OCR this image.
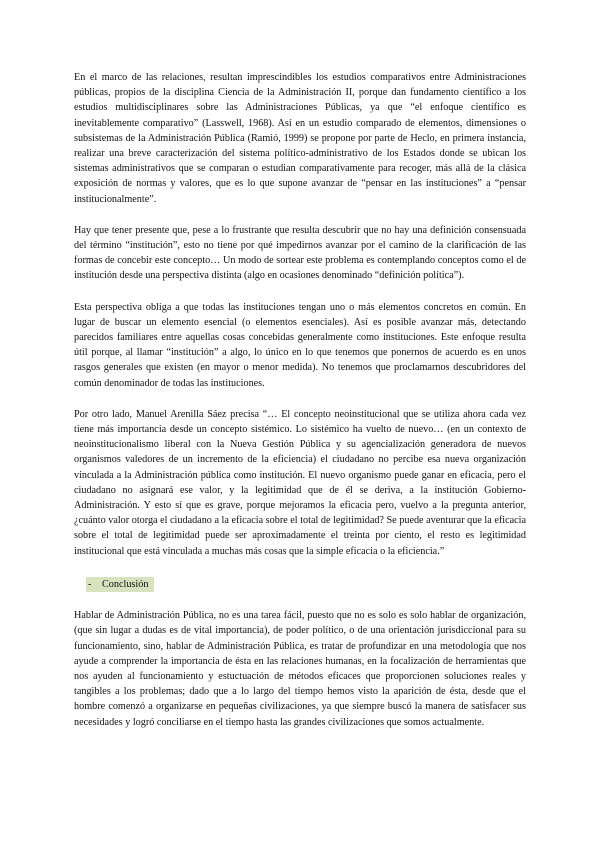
En el marco de las relaciones, resultan imprescindibles los estudios comparativos entre Administraciones públicas, propios de la disciplina Ciencia de la Administración II, porque dan fundamento científico a los estudios multidisciplinares sobre las Administraciones Públicas, ya que “el enfoque científico es inevitablemente comparativo” (Lasswell, 1968). Así en un estudio comparado de elementos, dimensiones o subsistemas de la Administración Pública (Ramió, 1999) se propone por parte de Heclo, en primera instancia, realizar una breve caracterización del sistema político-administrativo de los Estados donde se ubican los sistemas administrativos que se comparan o estudian comparativamente para recoger, más allá de la clásica exposición de normas y valores, que es lo que supone avanzar de “pensar en las instituciones” a “pensar institucionalmente”.

Hay que tener presente que, pese a lo frustrante que resulta descubrir que no hay una definición consensuada del término “institución”, esto no tiene por qué impedirnos avanzar por el camino de la clarificación de las formas de concebir este concepto… Un modo de sortear este problema es contemplando conceptos como el de institución desde una perspectiva distinta (algo en ocasiones denominado “definición política”).

Esta perspectiva obliga a que todas las instituciones tengan uno o más elementos concretos en común. En lugar de buscar un elemento esencial (o elementos esenciales). Así es posible avanzar más, detectando parecidos familiares entre aquellas cosas concebidas generalmente como instituciones. Este enfoque resulta útil porque, al llamar “institución” a algo, lo único en lo que tenemos que ponernos de acuerdo es en unos rasgos generales que existen (en mayor o menor medida). No tenemos que proclamarnos descubridores del común denominador de todas las instituciones.

Por otro lado, Manuel Arenilla Sáez precisa “… El concepto neoinstitucional que se utiliza ahora cada vez tiene más importancia desde un concepto sistémico. Lo sistémico ha vuelto de nuevo… (en un contexto de neoinstitucionalismo liberal con la Nueva Gestión Pública y su agencialización generadora de nuevos organismos valedores de un incremento de la eficiencia) el ciudadano no percibe esa nueva organización vinculada a la Administración pública como institución. El nuevo organismo puede ganar en eficacia, pero el ciudadano no asignará ese valor, y la legitimidad que de él se deriva, a la institución Gobierno-Administración. Y esto sí que es grave, porque mejoramos la eficacia pero, vuelvo a la pregunta anterior, ¿cuánto valor otorga el ciudadano a la eficacia sobre el total de legitimidad? Se puede aventurar que la eficacia sobre el total de legitimidad puede ser aproximadamente el treinta por ciento, el resto es legitimidad institucional que está vinculada a muchas más cosas que la simple eficacia o la eficiencia.”

- Conclusión

Hablar de Administración Pública, no es una tarea fácil, puesto que no es solo es solo hablar de organización, (que sin lugar a dudas es de vital importancia), de poder político, o de una orientación jurisdiccional para su funcionamiento, sino, hablar de Administración Pública, es tratar de profundizar en una metodología que nos ayude a comprender la importancia de ésta en las relaciones humanas, en la focalización de herramientas que nos ayuden al funcionamiento y estuctuación de métodos eficaces que proporcionen soluciones reales y tangibles a los problemas; dado que a lo largo del tiempo hemos visto la aparición de ésta, desde que el hombre comenzó a organizarse en pequeñas civilizaciones, ya que siempre buscó la manera de satisfacer sus necesidades y logró conciliarse en el tiempo hasta las grandes civilizaciones que somos actualmente.
